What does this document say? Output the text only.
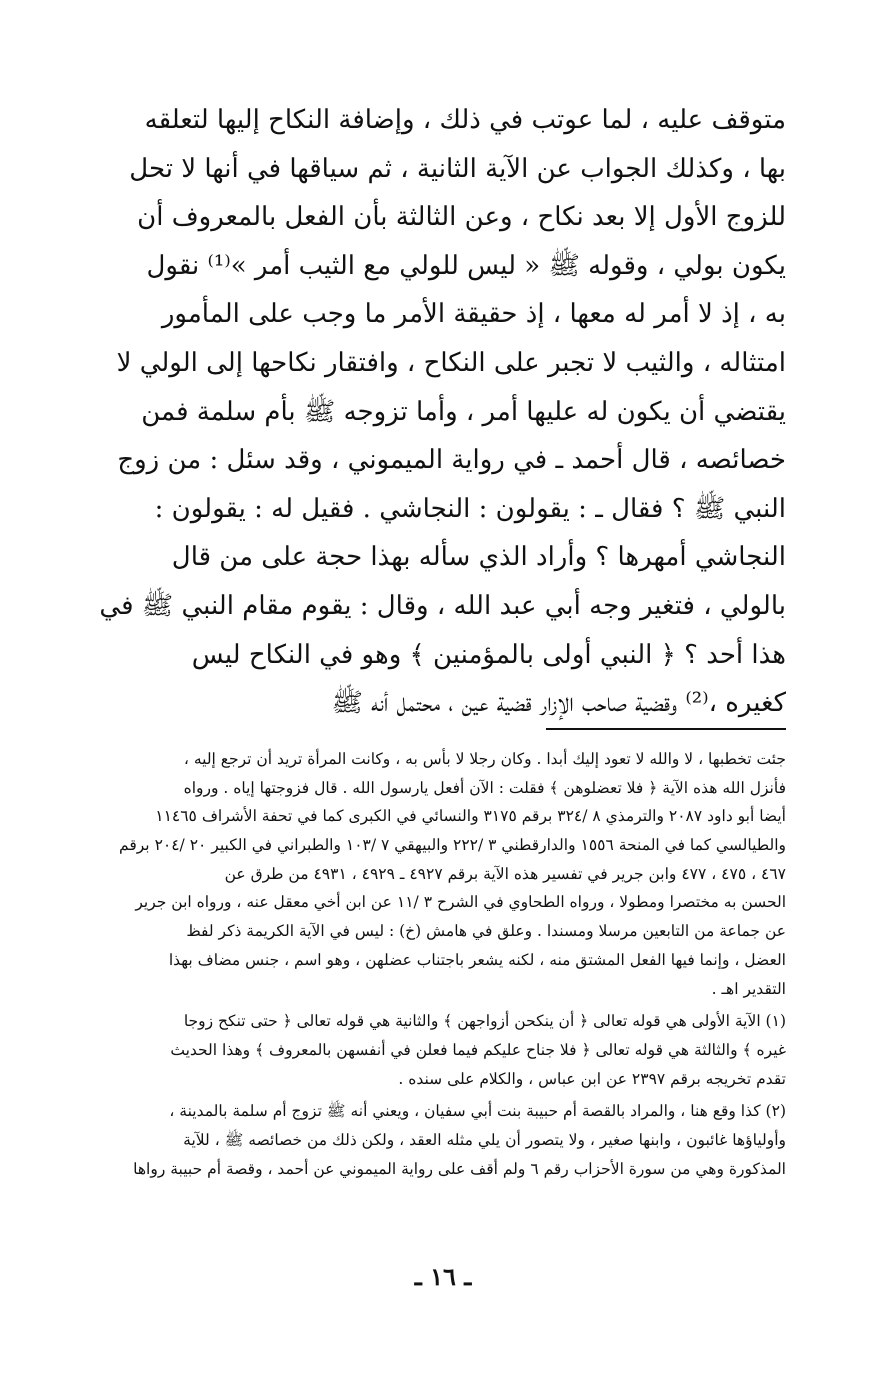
متوقف عليه ، لما عوتب في ذلك ، وإضافة النكاح إليها لتعلقه
بها ، وكذلك الجواب عن الآية الثانية ، ثم سياقها في أنها لا تحل
للزوج الأول إلا بعد نكاح ، وعن الثالثة بأن الفعل بالمعروف أن
يكون بولي ، وقوله ﷺ « ليس للولي مع الثيب أمر »⁽¹⁾ نقول
به ، إذ لا أمر له معها ، إذ حقيقة الأمر ما وجب على المأمور
امتثاله ، والثيب لا تجبر على النكاح ، وافتقار نكاحها إلى الولي لا
يقتضي أن يكون له عليها أمر ، وأما تزوجه ﷺ بأم سلمة فمن
خصائصه ، قال أحمد ـ في رواية الميموني ، وقد سئل : من زوج
النبي ﷺ ؟ فقال ـ : يقولون : النجاشي . فقيل له : يقولون :
النجاشي أمهرها ؟ وأراد الذي سأله بهذا حجة على من قال
بالولي ، فتغير وجه أبي عبد الله ، وقال : يقوم مقام النبي ﷺ في
هذا أحد ؟ ﴿ النبي أولى بالمؤمنين ﴾ وهو في النكاح ليس
كغيره ،⁽²⁾ وقضية صاحب الإزار قضية عين ، محتمل أنه ﷺ
جئت تخطبها ، لا والله لا تعود إليك أبدا . وكان رجلا لا بأس به ، وكانت المرأة تريد أن ترجع إليه ،
فأنزل الله هذه الآية ﴿ فلا تعضلوهن ﴾ فقلت : الآن أفعل يارسول الله . قال فزوجتها إياه . ورواه
أيضا أبو داود ٢٠٨٧ والترمذي ٨ /٣٢٤ برقم ٣١٧٥ والنسائي في الكبرى كما في تحفة الأشراف ١١٤٦٥
والطيالسي كما في المنحة ١٥٥٦ والدارقطني ٣ /٢٢٢ والبيهقي ٧ /١٠٣ والطبراني في الكبير ٢٠ /٢٠٤ برقم
٤٦٧ ، ٤٧٥ ، ٤٧٧ وابن جرير في تفسير هذه الآية برقم ٤٩٢٧ ـ ٤٩٢٩ ، ٤٩٣١ من طرق عن
الحسن به مختصرا ومطولا ، ورواه الطحاوي في الشرح ٣ /١١ عن ابن أخي معقل عنه ، ورواه ابن جرير
عن جماعة من التابعين مرسلا ومسندا . وعلق في هامش (خ) : ليس في الآية الكريمة ذكر لفظ
العضل ، وإنما فيها الفعل المشتق منه ، لكنه يشعر باجتناب عضلهن ، وهو اسم ، جنس مضاف بهذا
التقدير اهـ .
(١) الآية الأولى هي قوله تعالى ﴿ أن ينكحن أزواجهن ﴾ والثانية هي قوله تعالى ﴿ حتى تنكح زوجا
غيره ﴾ والثالثة هي قوله تعالى ﴿ فلا جناح عليكم فيما فعلن في أنفسهن بالمعروف ﴾ وهذا الحديث
تقدم تخريجه برقم ٢٣٩٧ عن ابن عباس ، والكلام على سنده .
(٢) كذا وقع هنا ، والمراد بالقصة أم حبيبة بنت أبي سفيان ، ويعني أنه ﷺ تزوج أم سلمة بالمدينة ،
وأولياؤها غائبون ، وابنها صغير ، ولا يتصور أن يلي مثله العقد ، ولكن ذلك من خصائصه ﷺ ، للآية
المذكورة وهي من سورة الأحزاب رقم ٦ ولم أقف على رواية الميموني عن أحمد ، وقصة أم حبيبة رواها
ـ ١٦ ـ
